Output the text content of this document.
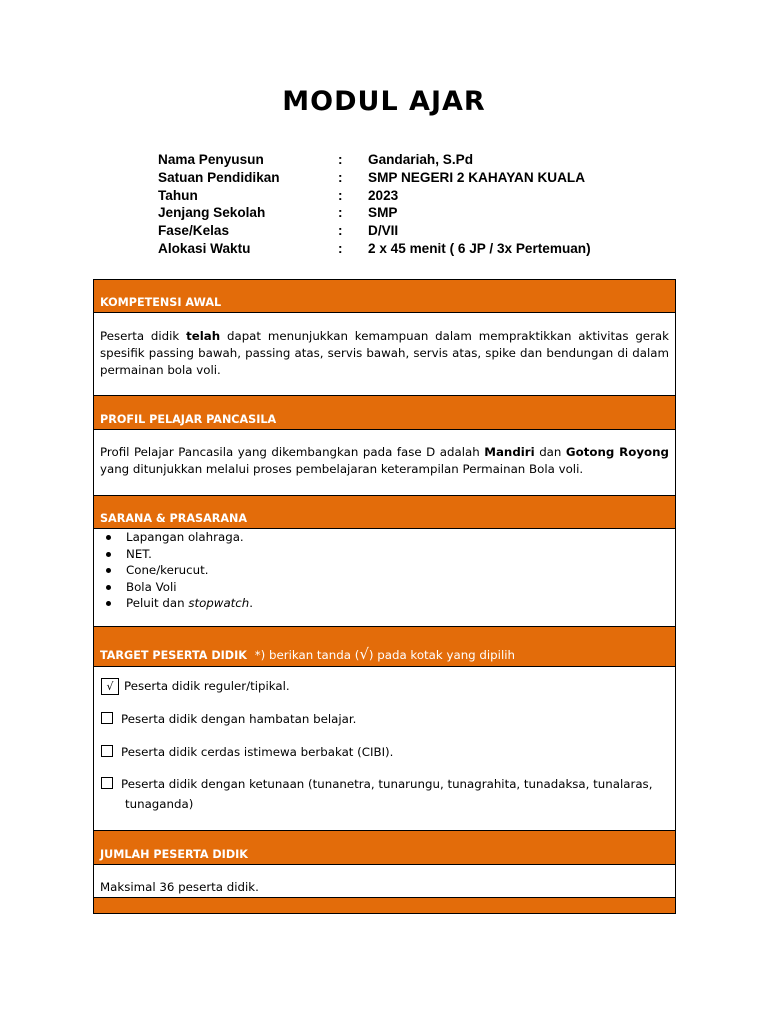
MODUL AJAR
Nama Penyusun	:	Gandariah, S.Pd
Satuan Pendidikan	:	SMP NEGERI 2 KAHAYAN KUALA
Tahun	:	2023
Jenjang Sekolah	:	SMP
Fase/Kelas	:	D/VII
Alokasi Waktu	:	2 x 45 menit ( 6 JP / 3x Pertemuan)
KOMPETENSI AWAL
Peserta didik telah dapat menunjukkan kemampuan dalam mempraktikkan aktivitas gerak spesifik passing bawah, passing atas, servis bawah, servis atas, spike dan bendungan di dalam permainan bola voli.
PROFIL PELAJAR PANCASILA
Profil Pelajar Pancasila yang dikembangkan pada fase D adalah Mandiri dan Gotong Royong yang ditunjukkan melalui proses pembelajaran keterampilan Permainan Bola voli.
SARANA & PRASARANA
Lapangan olahraga.
NET.
Cone/kerucut.
Bola Voli
Peluit dan stopwatch.
TARGET PESERTA DIDIK *) berikan tanda (√) pada kotak yang dipilih
√ Peserta didik reguler/tipikal.
Peserta didik dengan hambatan belajar.
Peserta didik cerdas istimewa berbakat (CIBI).
Peserta didik dengan ketunaan (tunanetra, tunarungu, tunagrahita, tunadaksa, tunalaras,
tunaganda)
JUMLAH PESERTA DIDIK
Maksimal 36 peserta didik.
